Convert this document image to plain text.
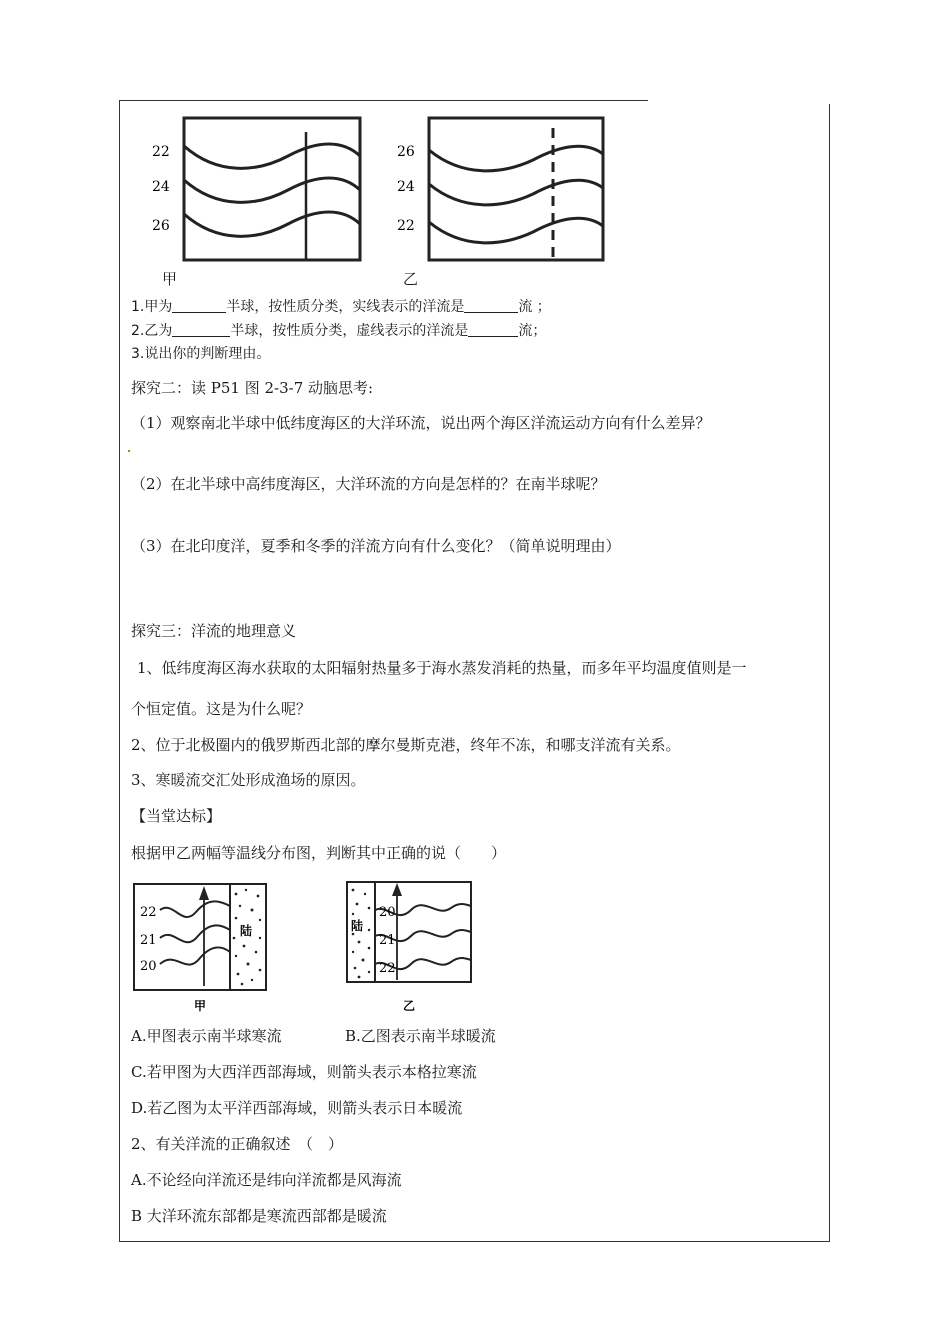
22
24
26
甲
26
24
22
乙
1.甲为	半球，按性质分类，实线表示的洋流是	流 ；
2.乙为	半球，按性质分类，虚线表示的洋流是	流；
3.说出你的判断理由。
探究二：读 P51 图 2-3-7 动脑思考:
（1）观察南北半球中低纬度海区的大洋环流，说出两个海区洋流运动方向有什么差异？
（2）在北半球中高纬度海区，大洋环流的方向是怎样的？在南半球呢？
（3）在北印度洋，夏季和冬季的洋流方向有什么变化？（简单说明理由）
探究三：洋流的地理意义
1、低纬度海区海水获取的太阳辐射热量多于海水蒸发消耗的热量，而多年平均温度值则是一
个恒定值。这是为什么呢？
2、位于北极圈内的俄罗斯西北部的摩尔曼斯克港，终年不冻，和哪支洋流有关系。
3、寒暖流交汇处形成渔场的原因。
【当堂达标】
根据甲乙两幅等温线分布图，判断其中正确的说（　　）
陆
22
21
20
甲
陆
20
21
22
乙
A.甲图表示南半球寒流	B.乙图表示南半球暖流
C.若甲图为大西洋西部海域，则箭头表示本格拉寒流
D.若乙图为太平洋西部海域，则箭头表示日本暖流
2、有关洋流的正确叙述　（　）
A.不论经向洋流还是纬向洋流都是风海流
B 大洋环流东部都是寒流西部都是暖流
